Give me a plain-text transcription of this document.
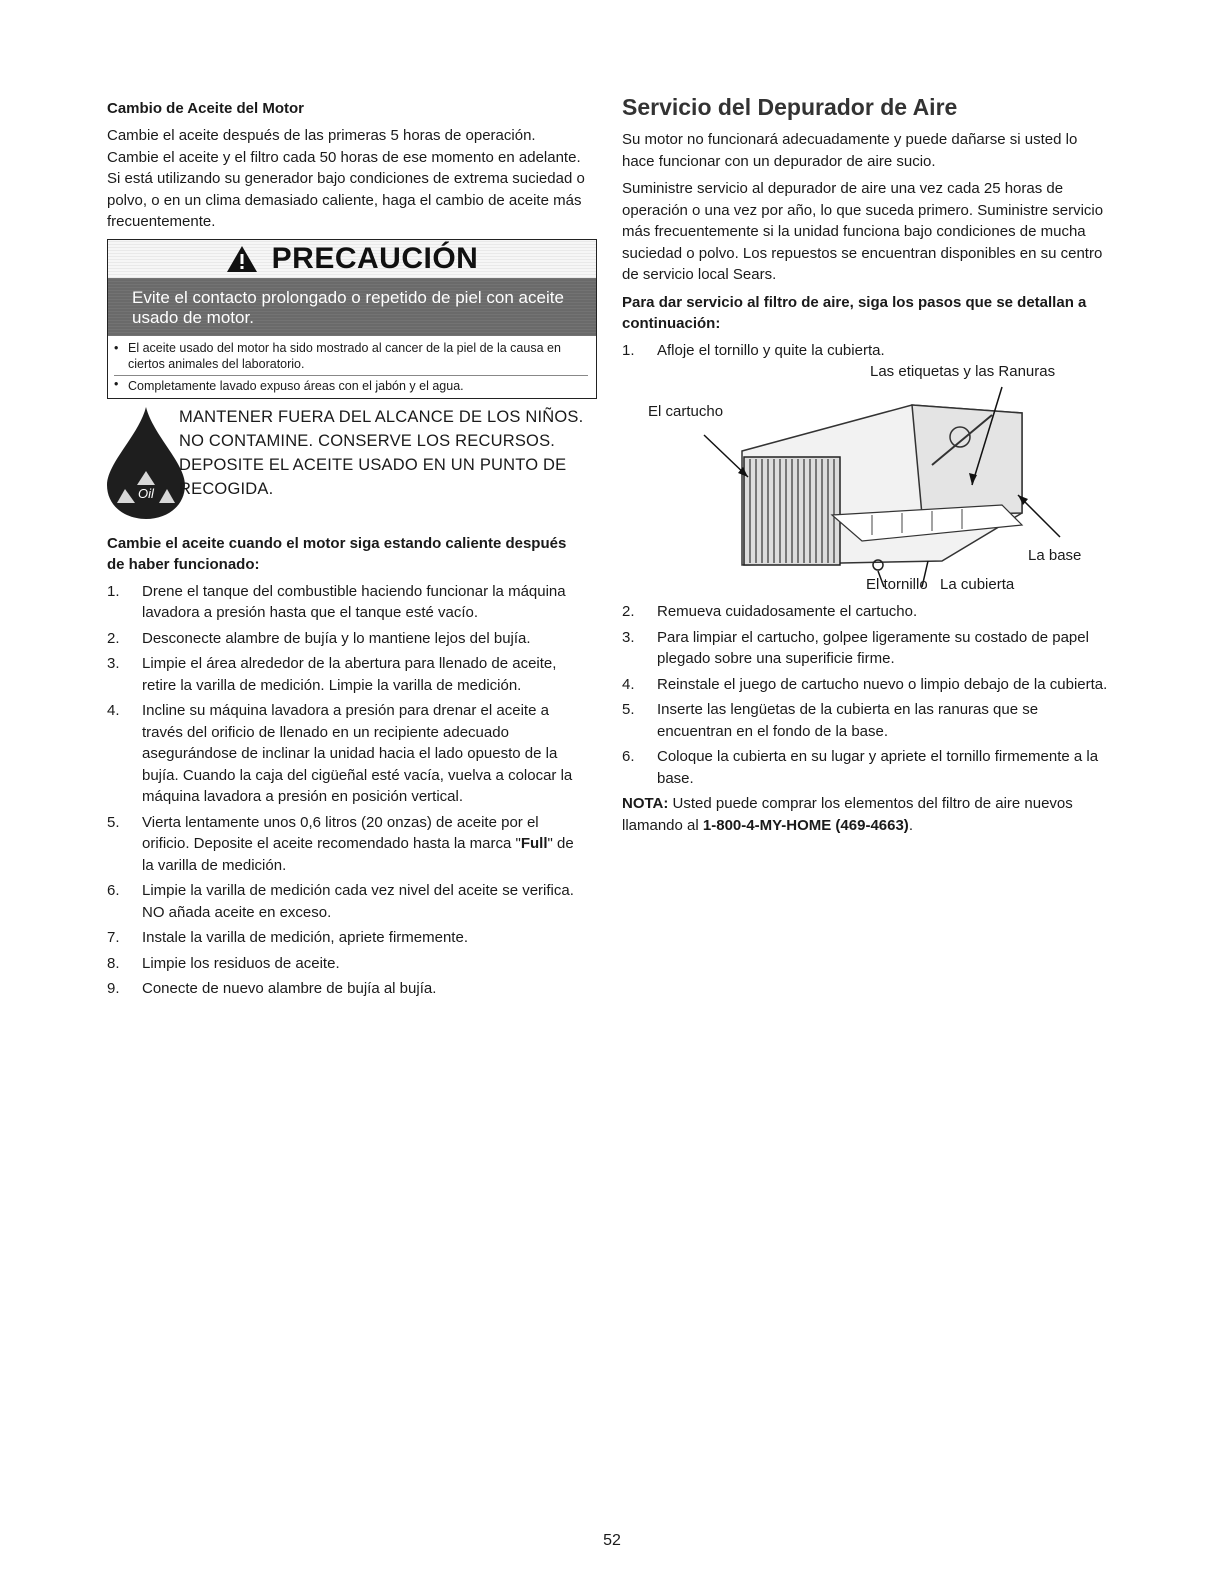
Cambio de Aceite del Motor

Cambie el aceite después de las primeras 5 horas de operación. Cambie el aceite y el filtro cada 50 horas de ese momento en adelante. Si está utilizando su generador bajo condiciones de extrema suciedad o polvo, o en un clima demasiado caliente, haga el cambio de aceite más frecuentemente.

PRECAUCIÓN
Evite el contacto prolongado o repetido de piel con aceite usado de motor.
• El aceite usado del motor ha sido mostrado al cancer de la piel de la causa en ciertos animales del laboratorio.
• Completamente lavado expuso áreas con el jabón y el agua.
Oil
MANTENER FUERA DEL ALCANCE DE LOS NIÑOS. NO CONTAMINE. CONSERVE LOS RECURSOS. DEPOSITE EL ACEITE USADO EN UN PUNTO DE RECOGIDA.

Cambie el aceite cuando el motor siga estando caliente después de haber funcionado:

1. Drene el tanque del combustible haciendo funcionar la máquina lavadora a presión hasta que el tanque esté vacío.
2. Desconecte alambre de bujía y lo mantiene lejos del bujía.
3. Limpie el área alrededor de la abertura para llenado de aceite, retire la varilla de medición. Limpie la varilla de medición.
4. Incline su máquina lavadora a presión para drenar el aceite a través del orificio de llenado en un recipiente adecuado asegurándose de inclinar la unidad hacia el lado opuesto de la bujía. Cuando la caja del cigüeñal esté vacía, vuelva a colocar la máquina lavadora a presión en posición vertical.
5. Vierta lentamente unos 0,6 litros (20 onzas) de aceite por el orificio. Deposite el aceite recomendado hasta la marca "Full" de la varilla de medición.
6. Limpie la varilla de medición cada vez nivel del aceite se verifica. NO añada aceite en exceso.
7. Instale la varilla de medición, apriete firmemente.
8. Limpie los residuos de aceite.
9. Conecte de nuevo alambre de bujía al bujía.

Servicio del Depurador de Aire

Su motor no funcionará adecuadamente y puede dañarse si usted lo hace funcionar con un depurador de aire sucio.

Suministre servicio al depurador de aire una vez cada 25 horas de operación o una vez por año, lo que suceda primero. Suministre servicio más frecuentemente si la unidad funciona bajo condiciones de mucha suciedad o polvo. Los repuestos se encuentran disponibles en su centro de servicio local Sears.

Para dar servicio al filtro de aire, siga los pasos que se detallan a continuación:

1. Afloje el tornillo y quite la cubierta.
Las etiquetas y las Ranuras
El cartucho
La base
El tornillo La cubierta
2. Remueva cuidadosamente el cartucho.
3. Para limpiar el cartucho, golpee ligeramente su costado de papel plegado sobre una superificie firme.
4. Reinstale el juego de cartucho nuevo o limpio debajo de la cubierta.
5. Inserte las lengüetas de la cubierta en las ranuras que se encuentran en el fondo de la base.
6. Coloque la cubierta en su lugar y apriete el tornillo firmemente a la base.

NOTA: Usted puede comprar los elementos del filtro de aire nuevos llamando al 1-800-4-MY-HOME (469-4663).

52
